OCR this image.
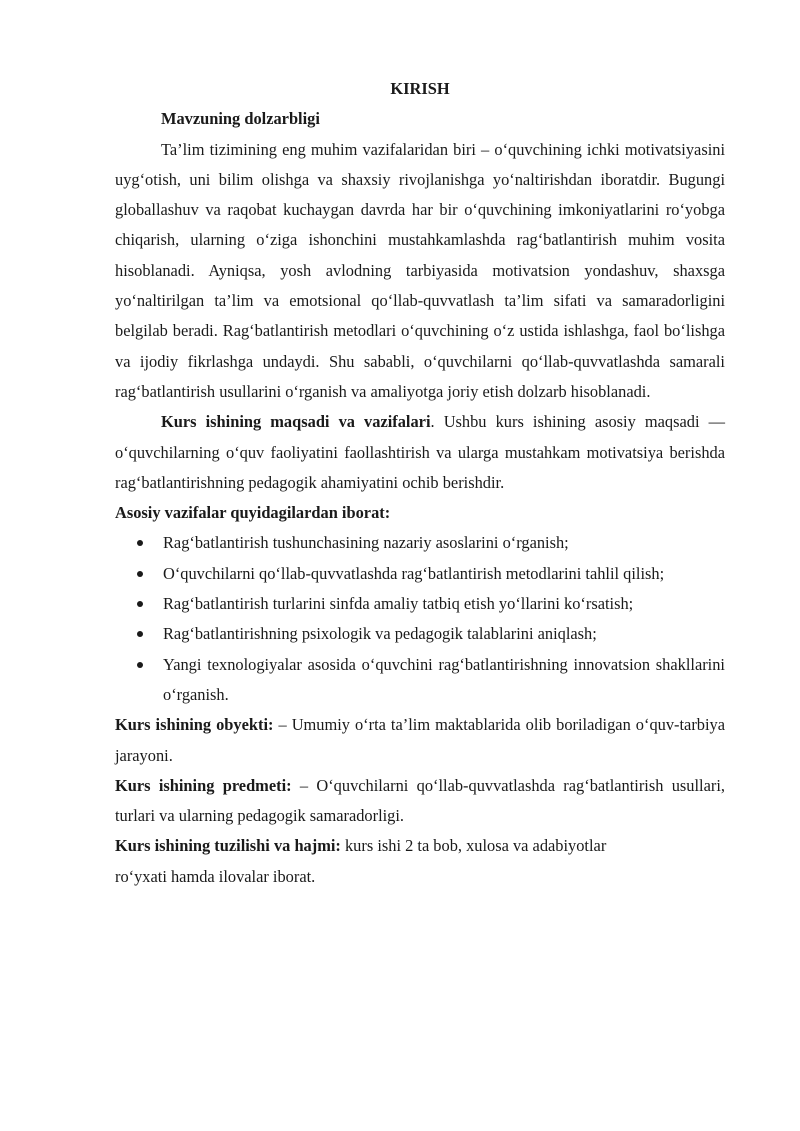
KIRISH

Mavzuning dolzarbligi

Ta’lim tizimining eng muhim vazifalaridan biri – o‘quvchining ichki motivatsiyasini uyg‘otish, uni bilim olishga va shaxsiy rivojlanishga yo‘naltirishdan iboratdir. Bugungi globallashuv va raqobat kuchaygan davrda har bir o‘quvchining imkoniyatlarini ro‘yobga chiqarish, ularning o‘ziga ishonchini mustahkamlashda rag‘batlantirish muhim vosita hisoblanadi. Ayniqsa, yosh avlodning tarbiyasida motivatsion yondashuv, shaxsga yo‘naltirilgan ta’lim va emotsional qo‘llab-quvvatlash ta’lim sifati va samaradorligini belgilab beradi. Rag‘batlantirish metodlari o‘quvchining o‘z ustida ishlashga, faol bo‘lishga va ijodiy fikrlashga undaydi. Shu sababli, o‘quvchilarni qo‘llab-quvvatlashda samarali rag‘batlantirish usullarini o‘rganish va amaliyotga joriy etish dolzarb hisoblanadi.

Kurs ishining maqsadi va vazifalari. Ushbu kurs ishining asosiy maqsadi — o‘quvchilarning o‘quv faoliyatini faollashtirish va ularga mustahkam motivatsiya berishda rag‘batlantirishning pedagogik ahamiyatini ochib berishdir.

Asosiy vazifalar quyidagilardan iborat:

Rag‘batlantirish tushunchasining nazariy asoslarini o‘rganish;
O‘quvchilarni qo‘llab-quvvatlashda rag‘batlantirish metodlarini tahlil qilish;
Rag‘batlantirish turlarini sinfda amaliy tatbiq etish yo‘llarini ko‘rsatish;
Rag‘batlantirishning psixologik va pedagogik talablarini aniqlash;
Yangi texnologiyalar asosida o‘quvchini rag‘batlantirishning innovatsion shakllarini o‘rganish.

Kurs ishining obyekti: – Umumiy o‘rta ta’lim maktablarida olib boriladigan o‘quv-tarbiya jarayoni.

Kurs ishining predmeti: – O‘quvchilarni qo‘llab-quvvatlashda rag‘batlantirish usullari, turlari va ularning pedagogik samaradorligi.

Kurs ishining tuzilishi va hajmi: kurs ishi 2 ta bob, xulosa va adabiyotlar
ro‘yxati hamda ilovalar iborat.
